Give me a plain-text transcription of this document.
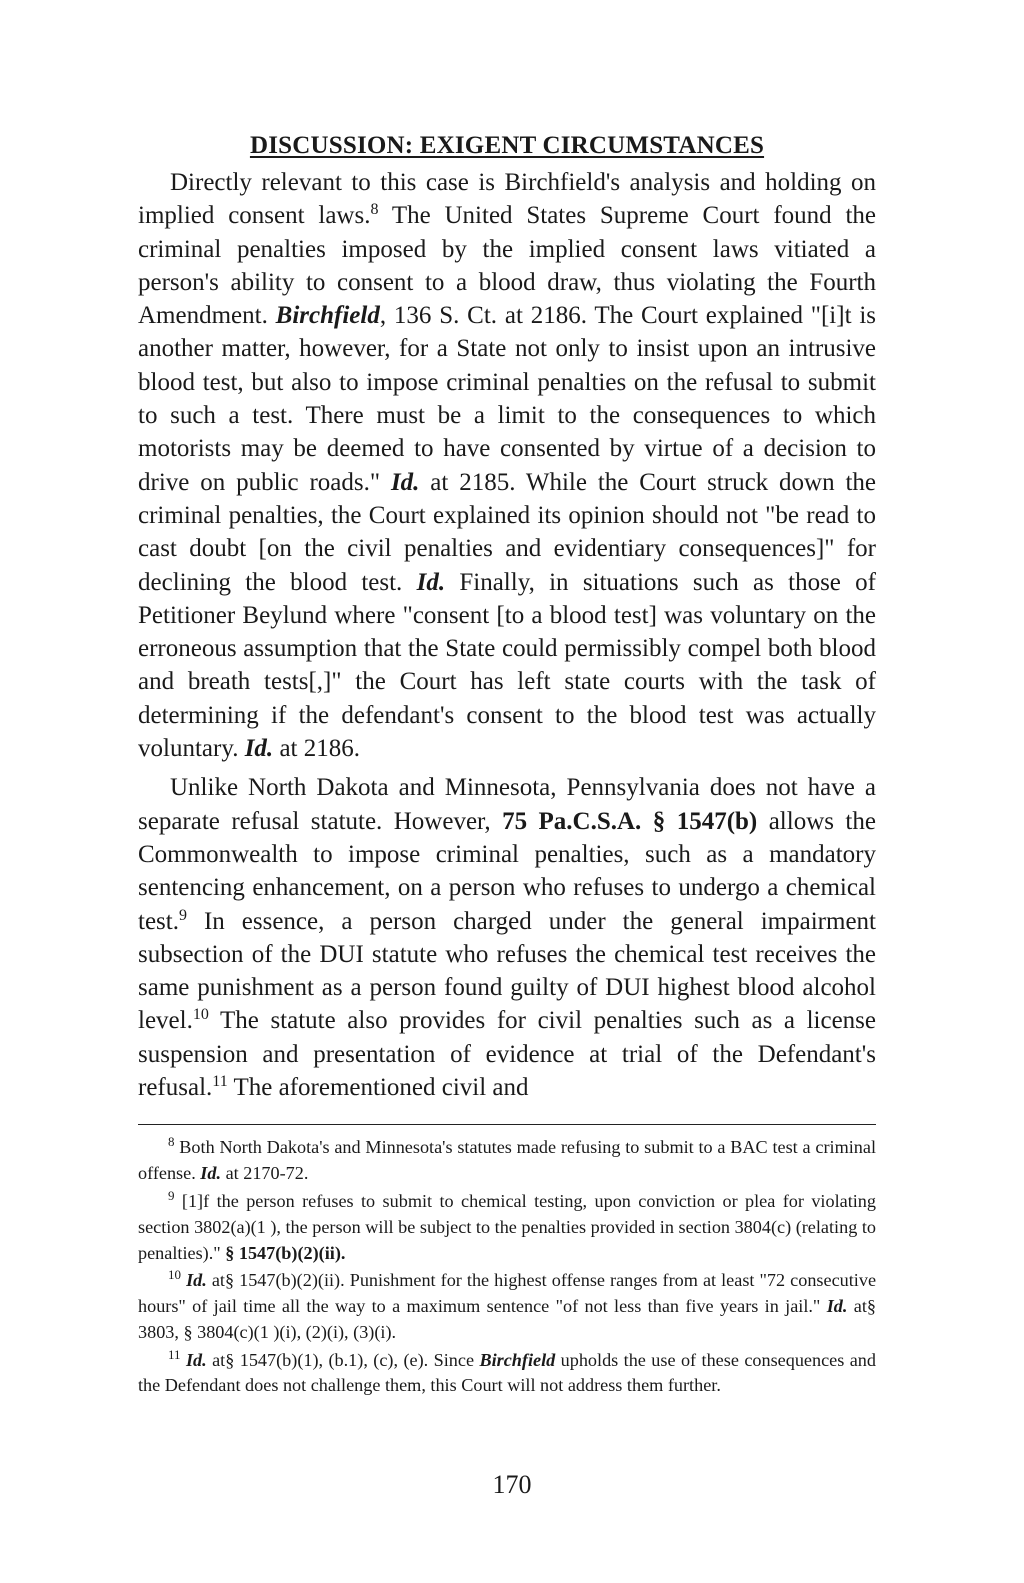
DISCUSSION: EXIGENT CIRCUMSTANCES

Directly relevant to this case is Birchfield's analysis and holding on implied consent laws.$^8$ The United States Supreme Court found the criminal penalties imposed by the implied consent laws vitiated a person's ability to consent to a blood draw, thus violating the Fourth Amendment. Birchfield, 136 S. Ct. at 2186. The Court explained "[i]t is another matter, however, for a State not only to insist upon an intrusive blood test, but also to impose criminal penalties on the refusal to submit to such a test. There must be a limit to the consequences to which motorists may be deemed to have consented by virtue of a decision to drive on public roads." Id. at 2185. While the Court struck down the criminal penalties, the Court explained its opinion should not "be read to cast doubt [on the civil penalties and evidentiary consequences]" for declining the blood test. Id. Finally, in situations such as those of Petitioner Beylund where "consent [to a blood test] was voluntary on the erroneous assumption that the State could permissibly compel both blood and breath tests[,]" the Court has left state courts with the task of determining if the defendant's consent to the blood test was actually voluntary. Id. at 2186.

Unlike North Dakota and Minnesota, Pennsylvania does not have a separate refusal statute. However, 75 Pa.C.S.A. § 1547(b) allows the Commonwealth to impose criminal penalties, such as a mandatory sentencing enhancement, on a person who refuses to undergo a chemical test.$^9$ In essence, a person charged under the general impairment subsection of the DUI statute who refuses the chemical test receives the same punishment as a person found guilty of DUI highest blood alcohol level.$^{10}$ The statute also provides for civil penalties such as a license suspension and presentation of evidence at trial of the Defendant's refusal.$^{11}$ The aforementioned civil and

$^8$ Both North Dakota's and Minnesota's statutes made refusing to submit to a BAC test a criminal offense. Id. at 2170-72.

$^9$ [1]f the person refuses to submit to chemical testing, upon conviction or plea for violating section 3802(a)(1 ), the person will be subject to the penalties provided in section 3804(c) (relating to penalties)." § 1547(b)(2)(ii).

$^{10}$ Id. at§ 1547(b)(2)(ii). Punishment for the highest offense ranges from at least "72 consecutive hours" of jail time all the way to a maximum sentence "of not less than five years in jail." Id. at§ 3803, § 3804(c)(1 )(i), (2)(i), (3)(i).

$^{11}$ Id. at§ 1547(b)(1), (b.1), (c), (e). Since Birchfield upholds the use of these consequences and the Defendant does not challenge them, this Court will not address them further.

170
